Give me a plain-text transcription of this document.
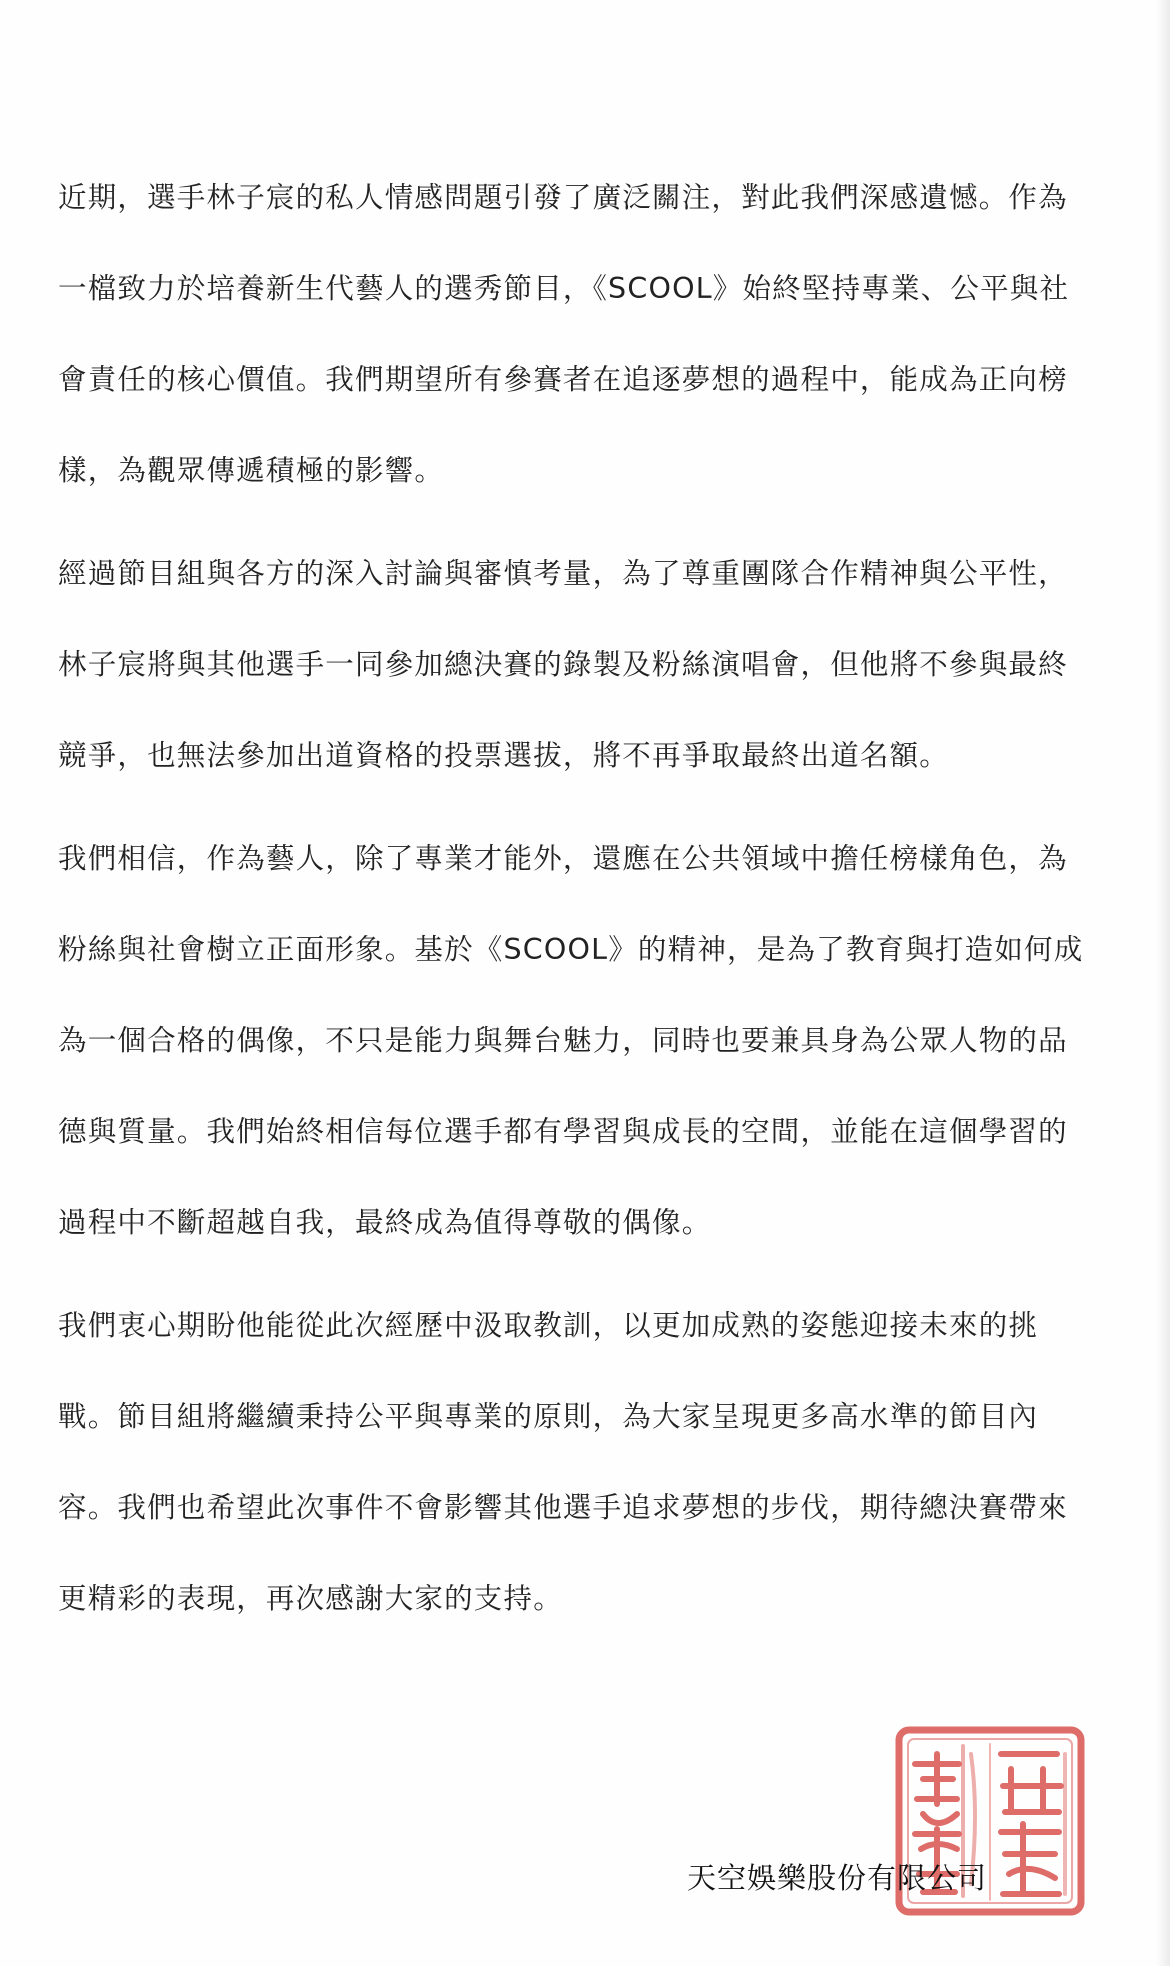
近期，選手林子宸的私人情感問題引發了廣泛關注，對此我們深感遺憾。作為
一檔致力於培養新生代藝人的選秀節目，《SCOOL》始終堅持專業、公平與社
會責任的核心價值。我們期望所有參賽者在追逐夢想的過程中，能成為正向榜
樣，為觀眾傳遞積極的影響。
經過節目組與各方的深入討論與審慎考量，為了尊重團隊合作精神與公平性，
林子宸將與其他選手一同參加總決賽的錄製及粉絲演唱會，但他將不參與最終
競爭，也無法參加出道資格的投票選拔，將不再爭取最終出道名額。
我們相信，作為藝人，除了專業才能外，還應在公共領域中擔任榜樣角色，為
粉絲與社會樹立正面形象。基於《SCOOL》的精神，是為了教育與打造如何成
為一個合格的偶像，不只是能力與舞台魅力，同時也要兼具身為公眾人物的品
德與質量。我們始終相信每位選手都有學習與成長的空間，並能在這個學習的
過程中不斷超越自我，最終成為值得尊敬的偶像。
我們衷心期盼他能從此次經歷中汲取教訓，以更加成熟的姿態迎接未來的挑
戰。節目組將繼續秉持公平與專業的原則，為大家呈現更多高水準的節目內
容。我們也希望此次事件不會影響其他選手追求夢想的步伐，期待總決賽帶來
更精彩的表現，再次感謝大家的支持。
天空娛樂股份有限公司
